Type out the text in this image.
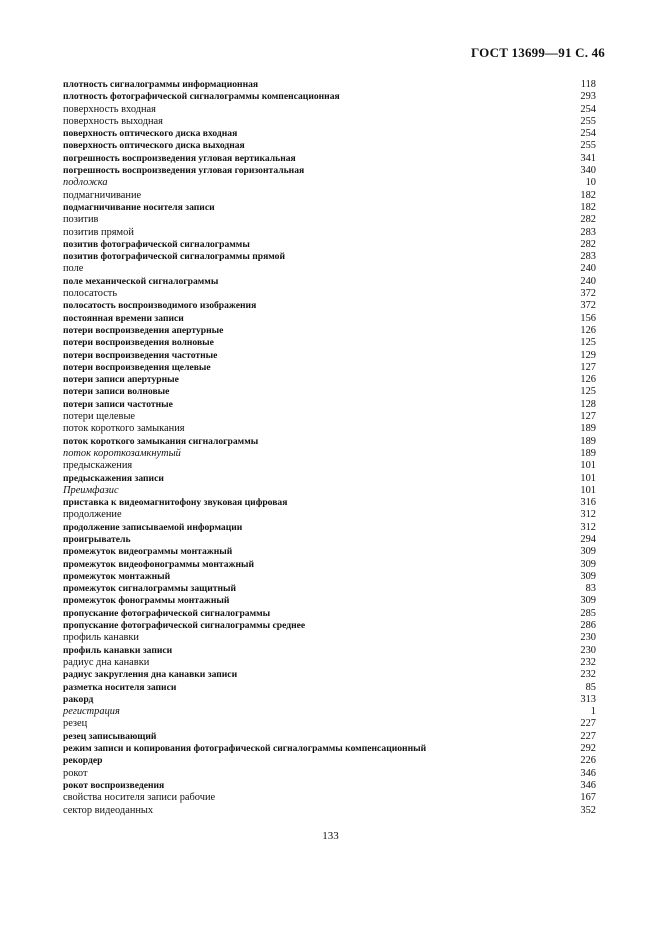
ГОСТ 13699—91 С. 46
плотность сигналограммы информационная	118
плотность фотографической сигналограммы компенсационная	293
поверхность входная	254
поверхность выходная	255
поверхность оптического диска входная	254
поверхность оптического диска выходная	255
погрешность воспроизведения угловая вертикальная	341
погрешность воспроизведения угловая горизонтальная	340
подложка	10
подмагничивание	182
подмагничивание носителя записи	182
позитив	282
позитив прямой	283
позитив фотографической сигналограммы	282
позитив фотографической сигналограммы прямой	283
поле	240
поле механической сигналограммы	240
полосатость	372
полосатость воспроизводимого изображения	372
постоянная времени записи	156
потери воспроизведения апертурные	126
потери воспроизведения волновые	125
потери воспроизведения частотные	129
потери воспроизведения щелевые	127
потери записи апертурные	126
потери записи волновые	125
потери записи частотные	128
потери щелевые	127
поток короткого замыкания	189
поток короткого замыкания сигналограммы	189
поток короткозамкнутый	189
предыскажения	101
предыскажения записи	101
Преимфазис	101
приставка к видеомагнитофону звуковая цифровая	316
продолжение	312
продолжение записываемой информации	312
проигрыватель	294
промежуток видеограммы монтажный	309
промежуток видеофонограммы монтажный	309
промежуток монтажный	309
промежуток сигналограммы защитный	83
промежуток фонограммы монтажный	309
пропускание фотографической сигналограммы	285
пропускание фотографической сигналограммы среднее	286
профиль канавки	230
профиль канавки записи	230
радиус дна канавки	232
радиус закругления дна канавки записи	232
разметка носителя записи	85
ракорд	313
регистрация	1
резец	227
резец записывающий	227
режим записи и копирования фотографической сигналограммы компенсационный	292
рекордер	226
рокот	346
рокот воспроизведения	346
свойства носителя записи рабочие	167
сектор видеоданных	352
133
